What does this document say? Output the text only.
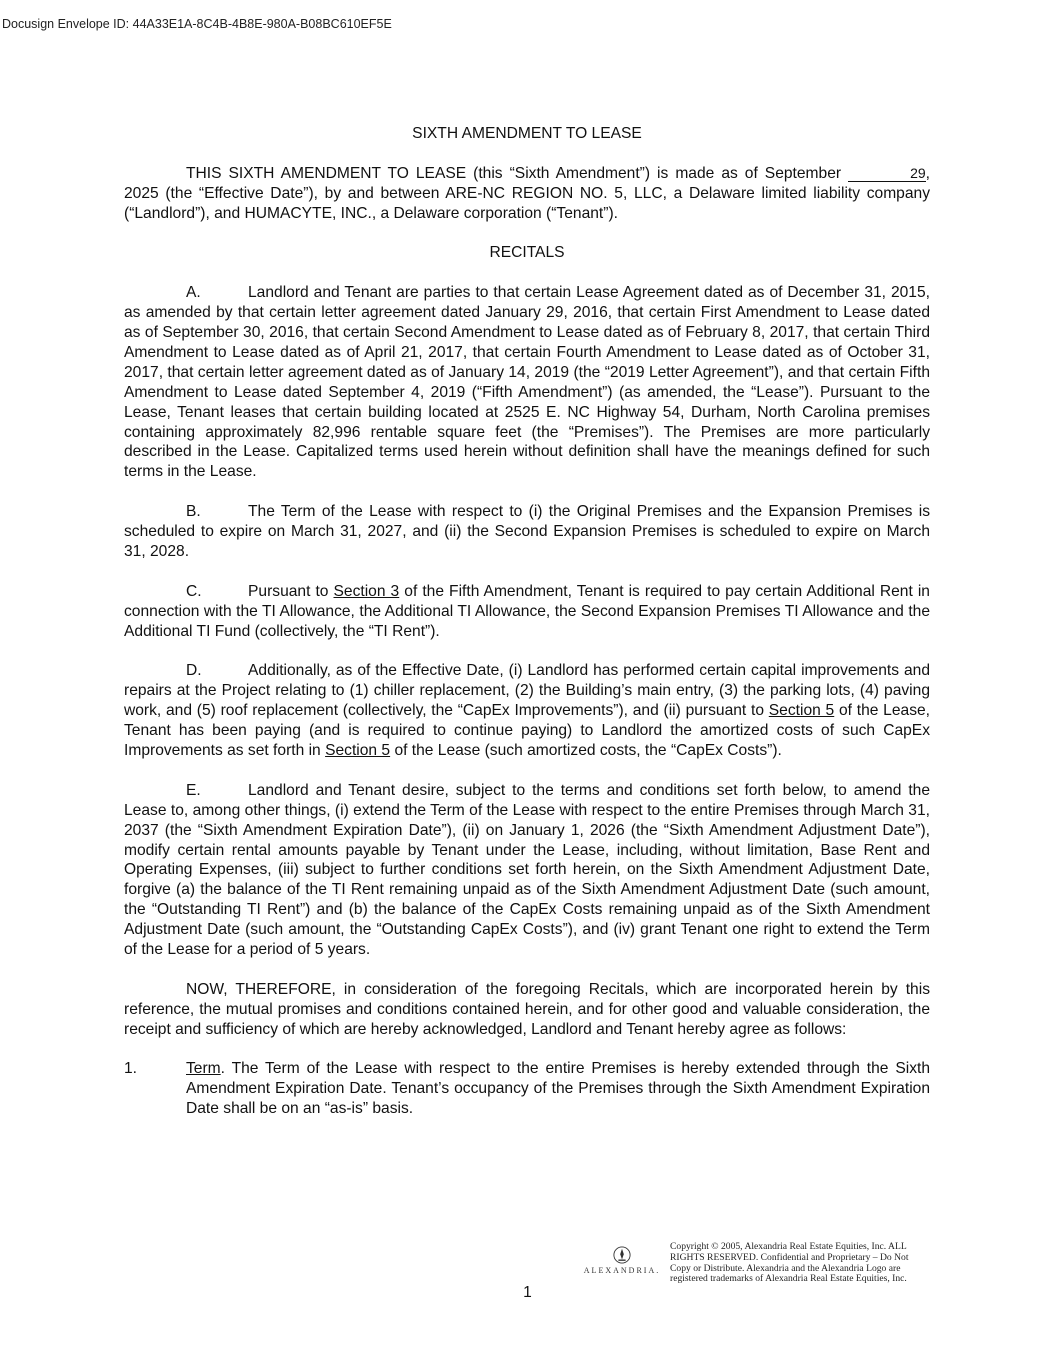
Docusign Envelope ID: 44A33E1A-8C4B-4B8E-980A-B08BC610EF5E
SIXTH AMENDMENT TO LEASE

THIS SIXTH AMENDMENT TO LEASE (this “Sixth Amendment”) is made as of September	29, 2025 (the “Effective Date”), by and between ARE-NC REGION NO. 5, LLC, a Delaware limited liability company (“Landlord”), and HUMACYTE, INC., a Delaware corporation (“Tenant”).

RECITALS

A.	Landlord and Tenant are parties to that certain Lease Agreement dated as of December 31, 2015, as amended by that certain letter agreement dated January 29, 2016, that certain First Amendment to Lease dated as of September 30, 2016, that certain Second Amendment to Lease dated as of February 8, 2017, that certain Third Amendment to Lease dated as of April 21, 2017, that certain Fourth Amendment to Lease dated as of October 31, 2017, that certain letter agreement dated as of January 14, 2019 (the “2019 Letter Agreement”), and that certain Fifth Amendment to Lease dated September 4, 2019 (“Fifth Amendment”) (as amended, the “Lease”). Pursuant to the Lease, Tenant leases that certain building located at 2525 E. NC Highway 54, Durham, North Carolina premises containing approximately 82,996 rentable square feet (the “Premises”). The Premises are more particularly described in the Lease. Capitalized terms used herein without definition shall have the meanings defined for such terms in the Lease.

B.	The Term of the Lease with respect to (i) the Original Premises and the Expansion Premises is scheduled to expire on March 31, 2027, and (ii) the Second Expansion Premises is scheduled to expire on March 31, 2028.

C.	Pursuant to Section 3 of the Fifth Amendment, Tenant is required to pay certain Additional Rent in connection with the TI Allowance, the Additional TI Allowance, the Second Expansion Premises TI Allowance and the Additional TI Fund (collectively, the “TI Rent”).

D.	Additionally, as of the Effective Date, (i) Landlord has performed certain capital improvements and repairs at the Project relating to (1) chiller replacement, (2) the Building’s main entry, (3) the parking lots, (4) paving work, and (5) roof replacement (collectively, the “CapEx Improvements”), and (ii) pursuant to Section 5 of the Lease, Tenant has been paying (and is required to continue paying) to Landlord the amortized costs of such CapEx Improvements as set forth in Section 5 of the Lease (such amortized costs, the “CapEx Costs”).

E.	Landlord and Tenant desire, subject to the terms and conditions set forth below, to amend the Lease to, among other things, (i) extend the Term of the Lease with respect to the entire Premises through March 31, 2037 (the “Sixth Amendment Expiration Date”), (ii) on January 1, 2026 (the “Sixth Amendment Adjustment Date”), modify certain rental amounts payable by Tenant under the Lease, including, without limitation, Base Rent and Operating Expenses, (iii) subject to further conditions set forth herein, on the Sixth Amendment Adjustment Date, forgive (a) the balance of the TI Rent remaining unpaid as of the Sixth Amendment Adjustment Date (such amount, the “Outstanding TI Rent”) and (b) the balance of the CapEx Costs remaining unpaid as of the Sixth Amendment Adjustment Date (such amount, the “Outstanding CapEx Costs”), and (iv) grant Tenant one right to extend the Term of the Lease for a period of 5 years.

NOW, THEREFORE, in consideration of the foregoing Recitals, which are incorporated herein by this reference, the mutual promises and conditions contained herein, and for other good and valuable consideration, the receipt and sufficiency of which are hereby acknowledged, Landlord and Tenant hereby agree as follows:

1.	Term. The Term of the Lease with respect to the entire Premises is hereby extended through the Sixth Amendment Expiration Date. Tenant’s occupancy of the Premises through the Sixth Amendment Expiration Date shall be on an “as-is” basis.
ALEXANDRIA.
Copyright © 2005, Alexandria Real Estate Equities, Inc. ALL RIGHTS RESERVED. Confidential and Proprietary – Do Not Copy or Distribute. Alexandria and the Alexandria Logo are registered trademarks of Alexandria Real Estate Equities, Inc.
1
